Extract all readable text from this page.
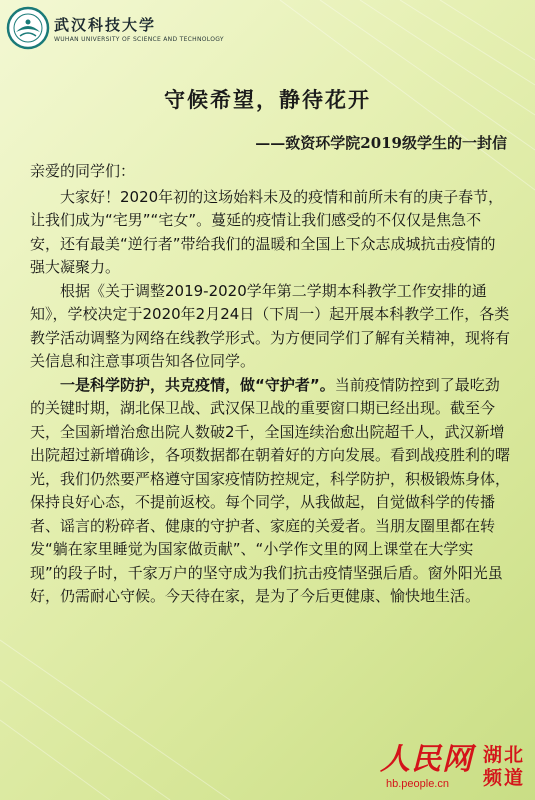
武汉科技大学
WUHAN UNIVERSITY OF SCIENCE AND TECHNOLOGY
守候希望，静待花开
——致资环学院2019级学生的一封信

亲爱的同学们：

大家好！2020年初的这场始料未及的疫情和前所未有的庚子春节，让我们成为“宅男”“宅女”。蔓延的疫情让我们感受的不仅仅是焦急不安，还有最美“逆行者”带给我们的温暖和全国上下众志成城抗击疫情的强大凝聚力。

根据《关于调整2019-2020学年第二学期本科教学工作安排的通知》，学校决定于2020年2月24日（下周一）起开展本科教学工作，各类教学活动调整为网络在线教学形式。为方便同学们了解有关精神，现将有关信息和注意事项告知各位同学。

一是科学防护，共克疫情，做“守护者”。当前疫情防控到了最吃劲的关键时期，湖北保卫战、武汉保卫战的重要窗口期已经出现。截至今天，全国新增治愈出院人数破2千，全国连续治愈出院超千人，武汉新增出院超过新增确诊，各项数据都在朝着好的方向发展。看到战疫胜利的曙光，我们仍然要严格遵守国家疫情防控规定，科学防护，积极锻炼身体，保持良好心态，不提前返校。每个同学，从我做起，自觉做科学的传播者、谣言的粉碎者、健康的守护者、家庭的关爱者。当朋友圈里都在转发“躺在家里睡觉为国家做贡献”、“小学作文里的网上课堂在大学实现”的段子时，千家万户的坚守成为我们抗击疫情坚强后盾。窗外阳光虽好，仍需耐心守候。今天待在家，是为了今后更健康、愉快地生活。

人民网
hb.people.cn
湖北
频道
